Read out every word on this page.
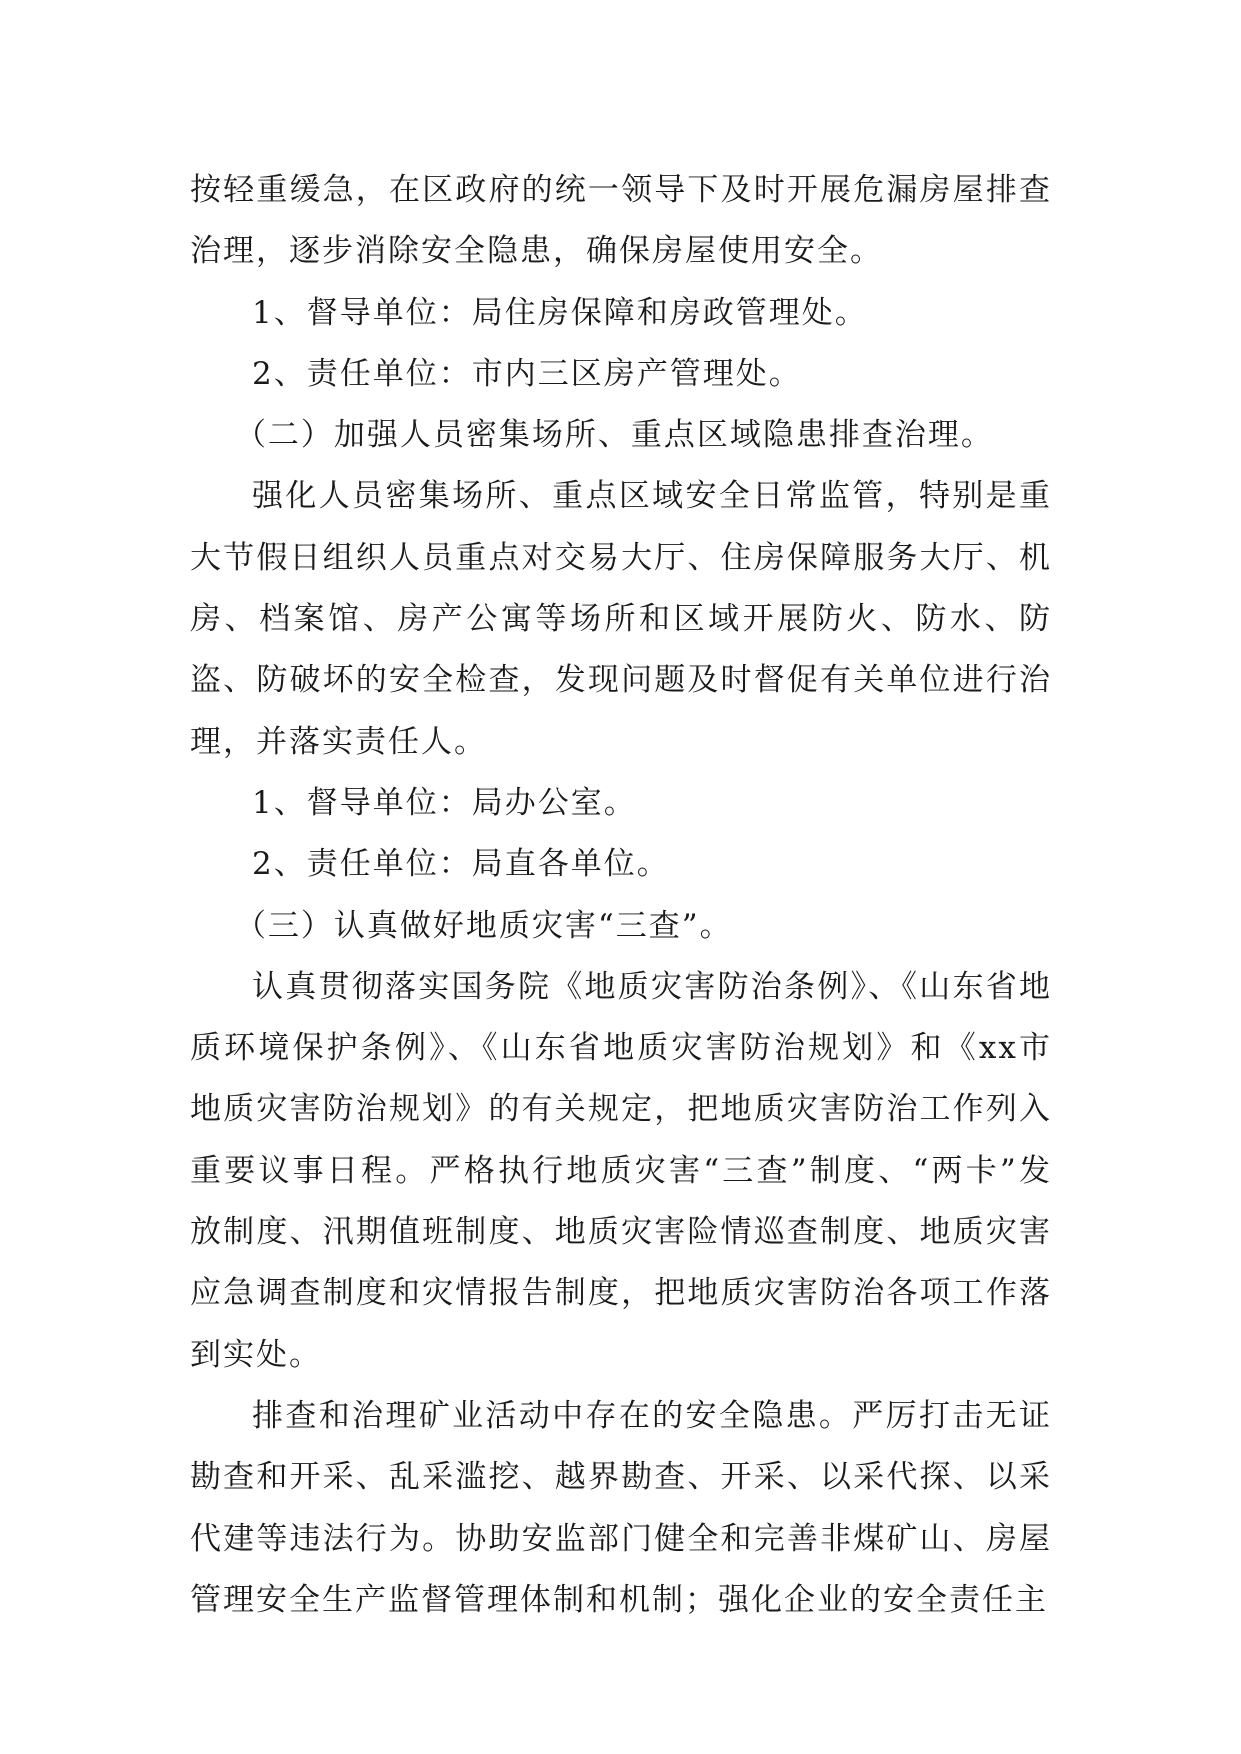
按轻重缓急，在区政府的统一领导下及时开展危漏房屋排查治理，逐步消除安全隐患，确保房屋使用安全。

1、督导单位：局住房保障和房政管理处。

2、责任单位：市内三区房产管理处。

（二）加强人员密集场所、重点区域隐患排查治理。

强化人员密集场所、重点区域安全日常监管，特别是重大节假日组织人员重点对交易大厅、住房保障服务大厅、机房、档案馆、房产公寓等场所和区域开展防火、防水、防盗、防破坏的安全检查，发现问题及时督促有关单位进行治理，并落实责任人。

1、督导单位：局办公室。

2、责任单位：局直各单位。

（三）认真做好地质灾害“三查”。

认真贯彻落实国务院《地质灾害防治条例》、《山东省地质环境保护条例》、《山东省地质灾害防治规划》和《xx市地质灾害防治规划》的有关规定，把地质灾害防治工作列入重要议事日程。严格执行地质灾害“三查”制度、“两卡”发放制度、汛期值班制度、地质灾害险情巡查制度、地质灾害应急调查制度和灾情报告制度，把地质灾害防治各项工作落到实处。

排查和治理矿业活动中存在的安全隐患。严厉打击无证勘查和开采、乱采滥挖、越界勘查、开采、以采代探、以采代建等违法行为。协助安监部门健全和完善非煤矿山、房屋管理安全生产监督管理体制和机制；强化企业的安全责任主
